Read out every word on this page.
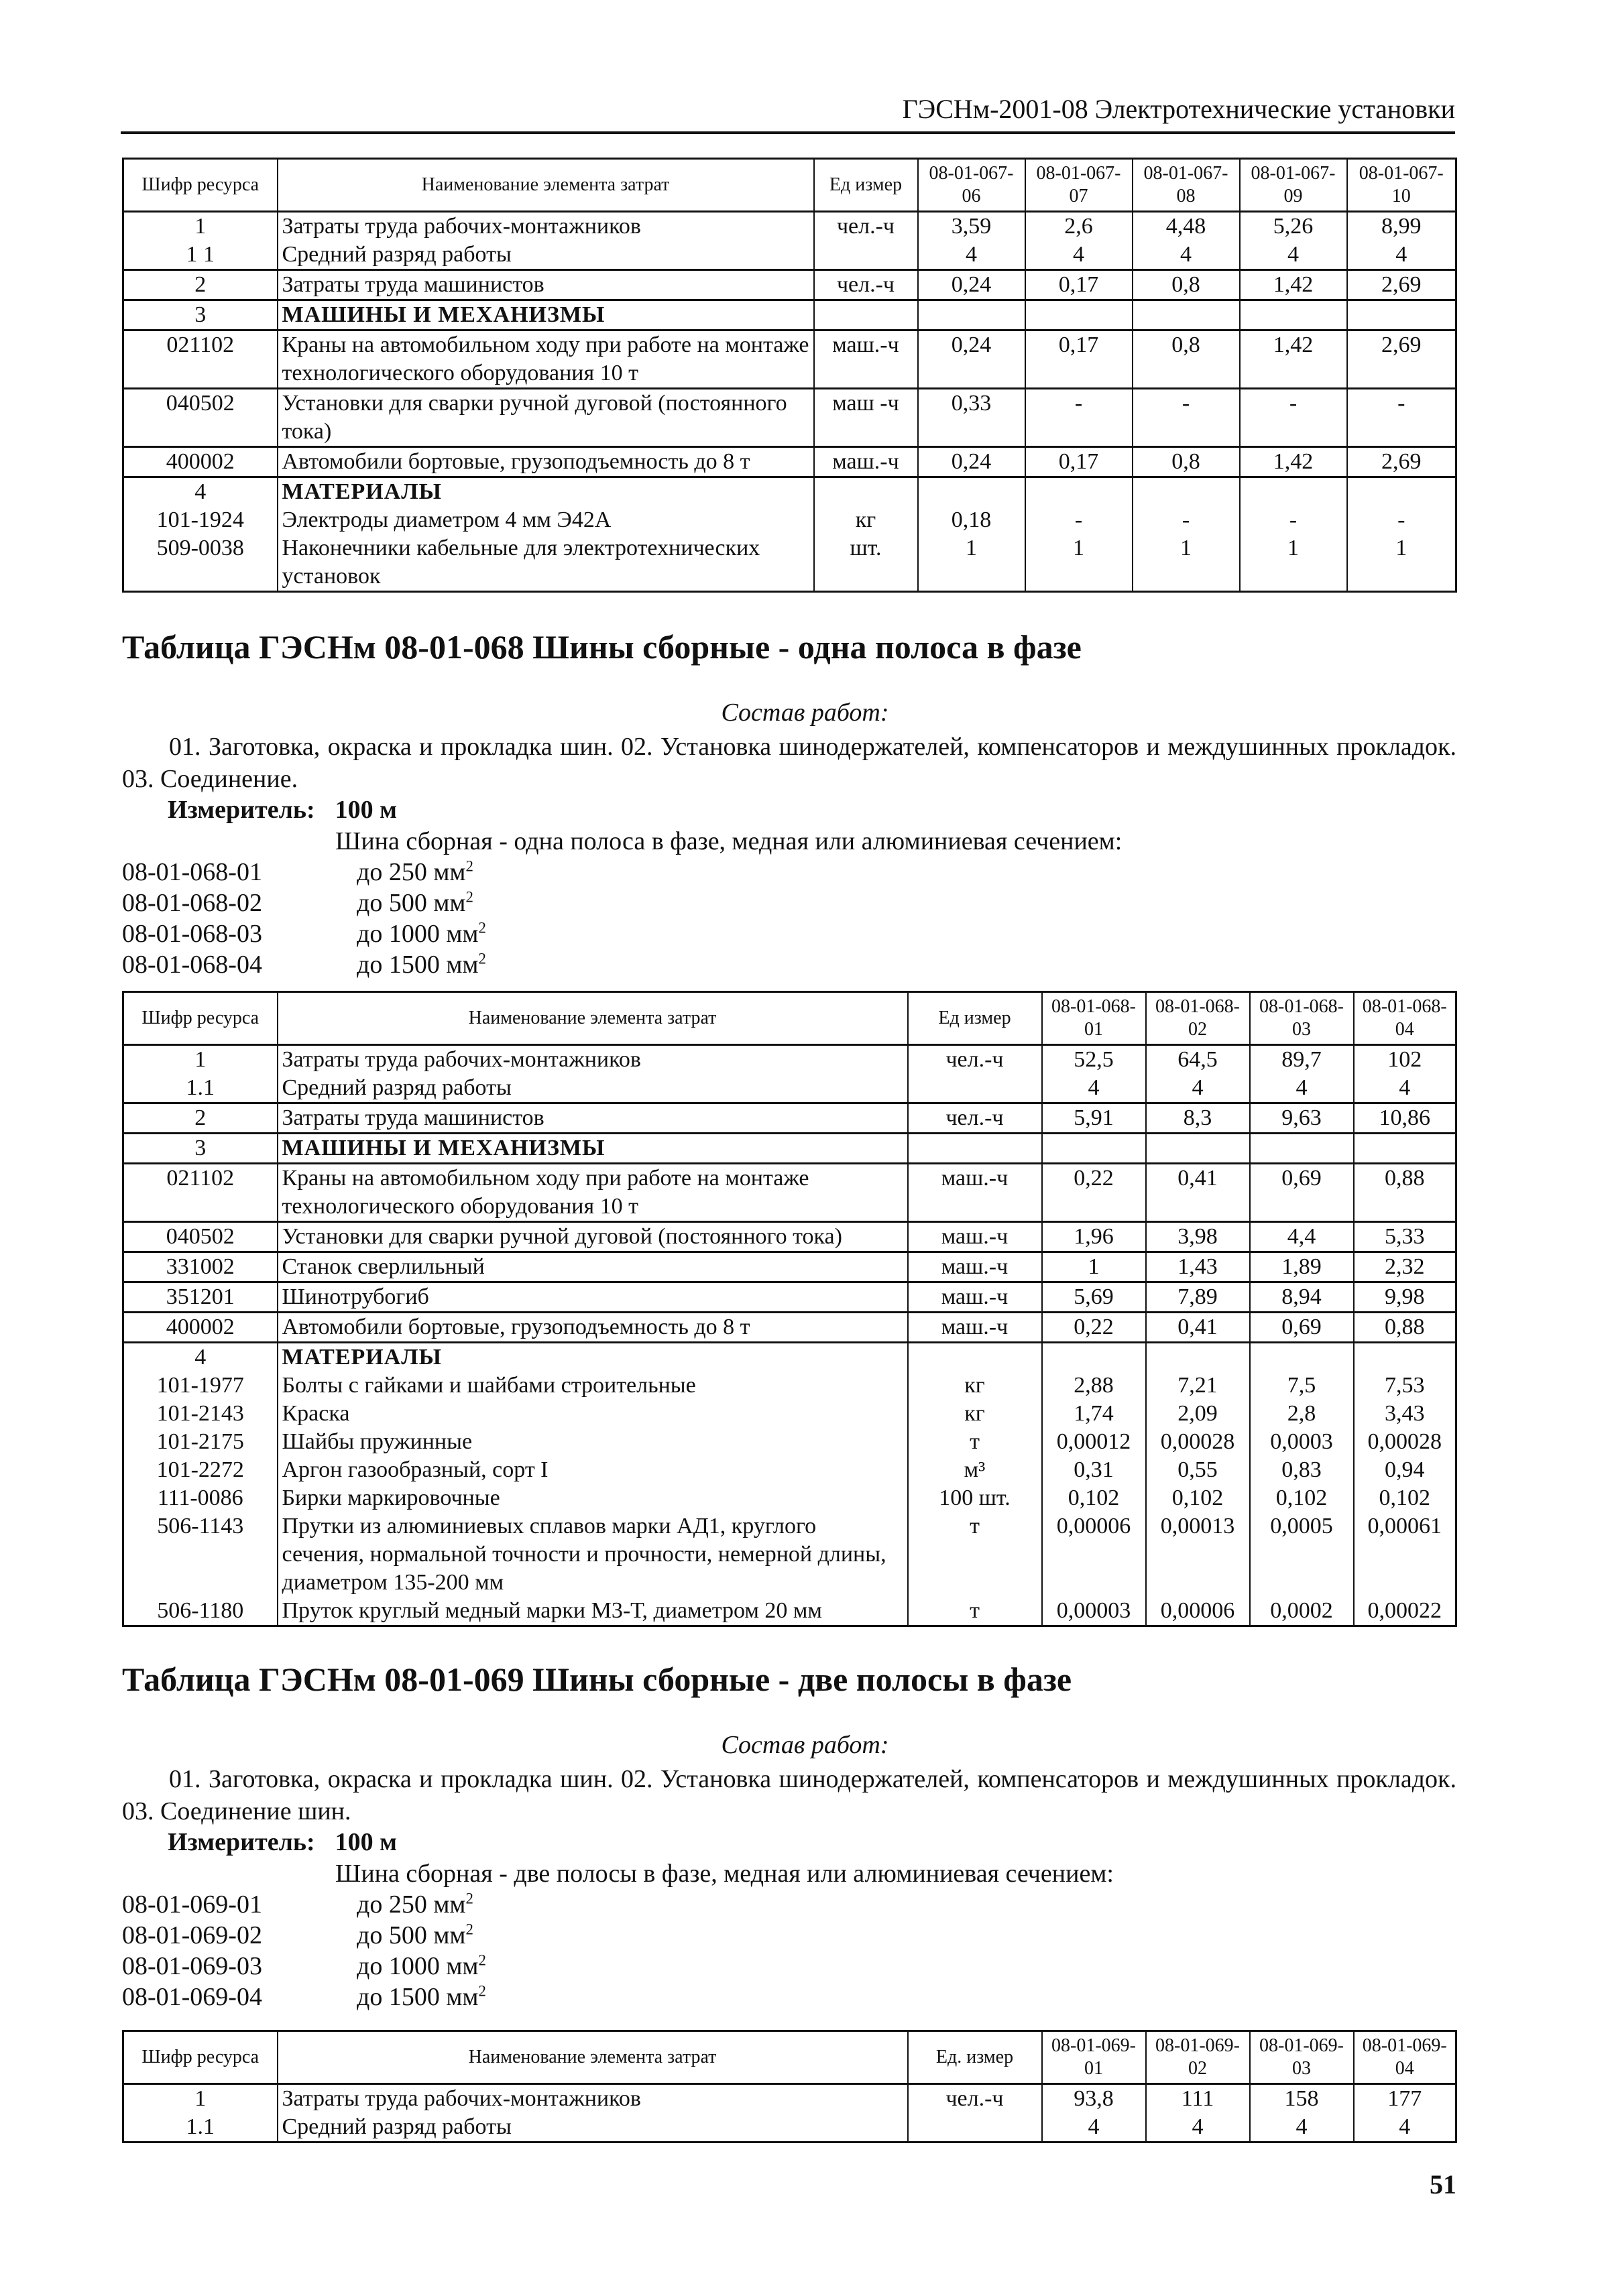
ГЭСНм-2001-08 Электротехнические установки
Шифр ресурса	Наименование элемента затрат	Ед измер	08-01-067-06	08-01-067-07	08-01-067-08	08-01-067-09	08-01-067-10
1	Затраты труда рабочих-монтажников	чел.-ч	3,59	2,6	4,48	5,26	8,99
1 1	Средний разряд работы		4	4	4	4	4
2	Затраты труда машинистов	чел.-ч	0,24	0,17	0,8	1,42	2,69
3	МАШИНЫ И МЕХАНИЗМЫ						
021102	Краны на автомобильном ходу при работе на монтаже технологического оборудования 10 т	маш.-ч	0,24	0,17	0,8	1,42	2,69
040502	Установки для сварки ручной дуговой (постоянного тока)	маш -ч	0,33	-	-	-	-
400002	Автомобили бортовые, грузоподъемность до 8 т	маш.-ч	0,24	0,17	0,8	1,42	2,69
4	МАТЕРИАЛЫ						
101-1924	Электроды диаметром 4 мм Э42А	кг	0,18	-	-	-	-
509-0038	Наконечники кабельные для электротехнических установок	шт.	1	1	1	1	1
Таблица ГЭСНм 08-01-068 Шины сборные - одна полоса в фазе
Состав работ:
01. Заготовка, окраска и прокладка шин. 02. Установка шинодержателей, компенсаторов и междушинных прокладок. 03. Соединение.
Измеритель: 100 м
Шина сборная - одна полоса в фазе, медная или алюминиевая сечением:
08-01-068-01	до 250 $мм^2$
08-01-068-02	до 500 $мм^2$
08-01-068-03	до 1000 $мм^2$
08-01-068-04	до 1500 $мм^2$
Шифр ресурса	Наименование элемента затрат	Ед измер	08-01-068-01	08-01-068-02	08-01-068-03	08-01-068-04
1	Затраты труда рабочих-монтажников	чел.-ч	52,5	64,5	89,7	102
1.1	Средний разряд работы		4	4	4	4
2	Затраты труда машинистов	чел.-ч	5,91	8,3	9,63	10,86
3	МАШИНЫ И МЕХАНИЗМЫ					
021102	Краны на автомобильном ходу при работе на монтаже технологического оборудования 10 т	маш.-ч	0,22	0,41	0,69	0,88
040502	Установки для сварки ручной дуговой (постоянного тока)	маш.-ч	1,96	3,98	4,4	5,33
331002	Станок сверлильный	маш.-ч	1	1,43	1,89	2,32
351201	Шинотрубогиб	маш.-ч	5,69	7,89	8,94	9,98
400002	Автомобили бортовые, грузоподъемность до 8 т	маш.-ч	0,22	0,41	0,69	0,88
4	МАТЕРИАЛЫ					
101-1977	Болты с гайками и шайбами строительные	кг	2,88	7,21	7,5	7,53
101-2143	Краска	кг	1,74	2,09	2,8	3,43
101-2175	Шайбы пружинные	т	0,00012	0,00028	0,0003	0,00028
101-2272	Аргон газообразный, сорт I	м³	0,31	0,55	0,83	0,94
111-0086	Бирки маркировочные	100 шт.	0,102	0,102	0,102	0,102
506-1143	Прутки из алюминиевых сплавов марки АД1, круглого сечения, нормальной точности и прочности, немерной длины, диаметром 135-200 мм	т	0,00006	0,00013	0,0005	0,00061
506-1180	Пруток круглый медный марки М3-Т, диаметром 20 мм	т	0,00003	0,00006	0,0002	0,00022
Таблица ГЭСНм 08-01-069 Шины сборные - две полосы в фазе
Состав работ:
01. Заготовка, окраска и прокладка шин. 02. Установка шинодержателей, компенсаторов и междушинных прокладок. 03. Соединение шин.
Измеритель: 100 м
Шина сборная - две полосы в фазе, медная или алюминиевая сечением:
08-01-069-01	до 250 $мм^2$
08-01-069-02	до 500 $мм^2$
08-01-069-03	до 1000 $мм^2$
08-01-069-04	до 1500 $мм^2$
Шифр ресурса	Наименование элемента затрат	Ед. измер	08-01-069-01	08-01-069-02	08-01-069-03	08-01-069-04
1	Затраты труда рабочих-монтажников	чел.-ч	93,8	111	158	177
1.1	Средний разряд работы		4	4	4	4
51
